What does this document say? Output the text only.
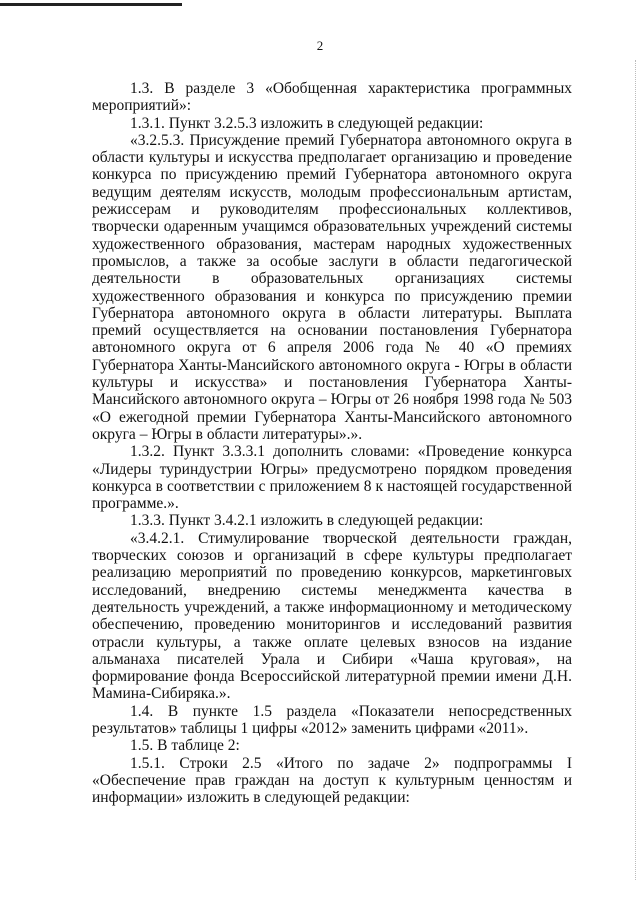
2

1.3. В разделе 3 «Обобщенная характеристика программных мероприятий»:

1.3.1. Пункт 3.2.5.3 изложить в следующей редакции:

«3.2.5.3. Присуждение премий Губернатора автономного округа в области культуры и искусства предполагает организацию и проведение конкурса по присуждению премий Губернатора автономного округа ведущим деятелям искусств, молодым профессиональным артистам, режиссерам и руководителям профессиональных коллективов, творчески одаренным учащимся образовательных учреждений системы художественного образования, мастерам народных художественных промыслов, а также за особые заслуги в области педагогической деятельности в образовательных организациях системы художественного образования и конкурса по присуждению премии Губернатора автономного округа в области литературы. Выплата премий осуществляется на основании постановления Губернатора автономного округа от 6 апреля 2006 года № 40 «О премиях Губернатора Ханты-Мансийского автономного округа - Югры в области культуры и искусства» и постановления Губернатора Ханты-Мансийского автономного округа – Югры от 26 ноября 1998 года № 503 «О ежегодной премии Губернатора Ханты-Мансийского автономного округа – Югры в области литературы».».

1.3.2. Пункт 3.3.3.1 дополнить словами: «Проведение конкурса «Лидеры туриндустрии Югры» предусмотрено порядком проведения конкурса в соответствии с приложением 8 к настоящей государственной программе.».

1.3.3. Пункт 3.4.2.1 изложить в следующей редакции:

«3.4.2.1. Стимулирование творческой деятельности граждан, творческих союзов и организаций в сфере культуры предполагает реализацию мероприятий по проведению конкурсов, маркетинговых исследований, внедрению системы менеджмента качества в деятельность учреждений, а также информационному и методическому обеспечению, проведению мониторингов и исследований развития отрасли культуры, а также оплате целевых взносов на издание альманаха писателей Урала и Сибири «Чаша круговая», на формирование фонда Всероссийской литературной премии имени Д.Н. Мамина-Сибиряка.».

1.4. В пункте 1.5 раздела «Показатели непосредственных результатов» таблицы 1 цифры «2012» заменить цифрами «2011».

1.5. В таблице 2:

1.5.1. Строки 2.5 «Итого по задаче 2» подпрограммы I «Обеспечение прав граждан на доступ к культурным ценностям и информации» изложить в следующей редакции:
